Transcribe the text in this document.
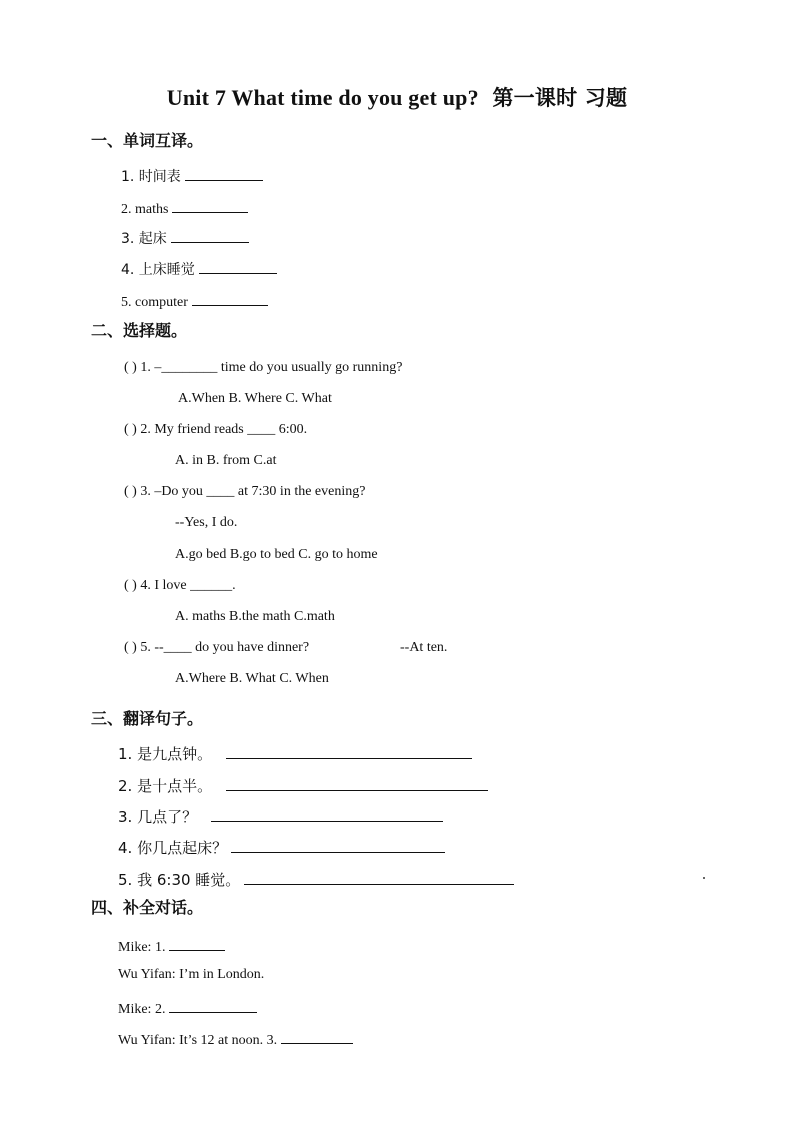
Unit 7 What time do you get up? 第一课时 习题
一、单词互译。
1. 时间表
2. maths
3. 起床
4. 上床睡觉
5. computer
二、选择题。
( ) 1. –________ time do you usually go running?
A.When B. Where C. What
( ) 2. My friend reads ____ 6:00.
A. in B. from C.at
( ) 3. –Do you ____ at 7:30 in the evening?
--Yes, I do.
A.go bed B.go to bed C. go to home
( ) 4. I love ______.
A. maths B.the math C.math
( ) 5. --____ do you have dinner?	--At ten.
A.Where B. What C. When
三、翻译句子。
1. 是九点钟。
2. 是十点半。
3. 几点了？
4. 你几点起床？
5. 我 6:30 睡觉。
四、补全对话。
Mike: 1.
Wu Yifan: I’m in London.
Mike: 2.
Wu Yifan: It’s 12 at noon. 3.
